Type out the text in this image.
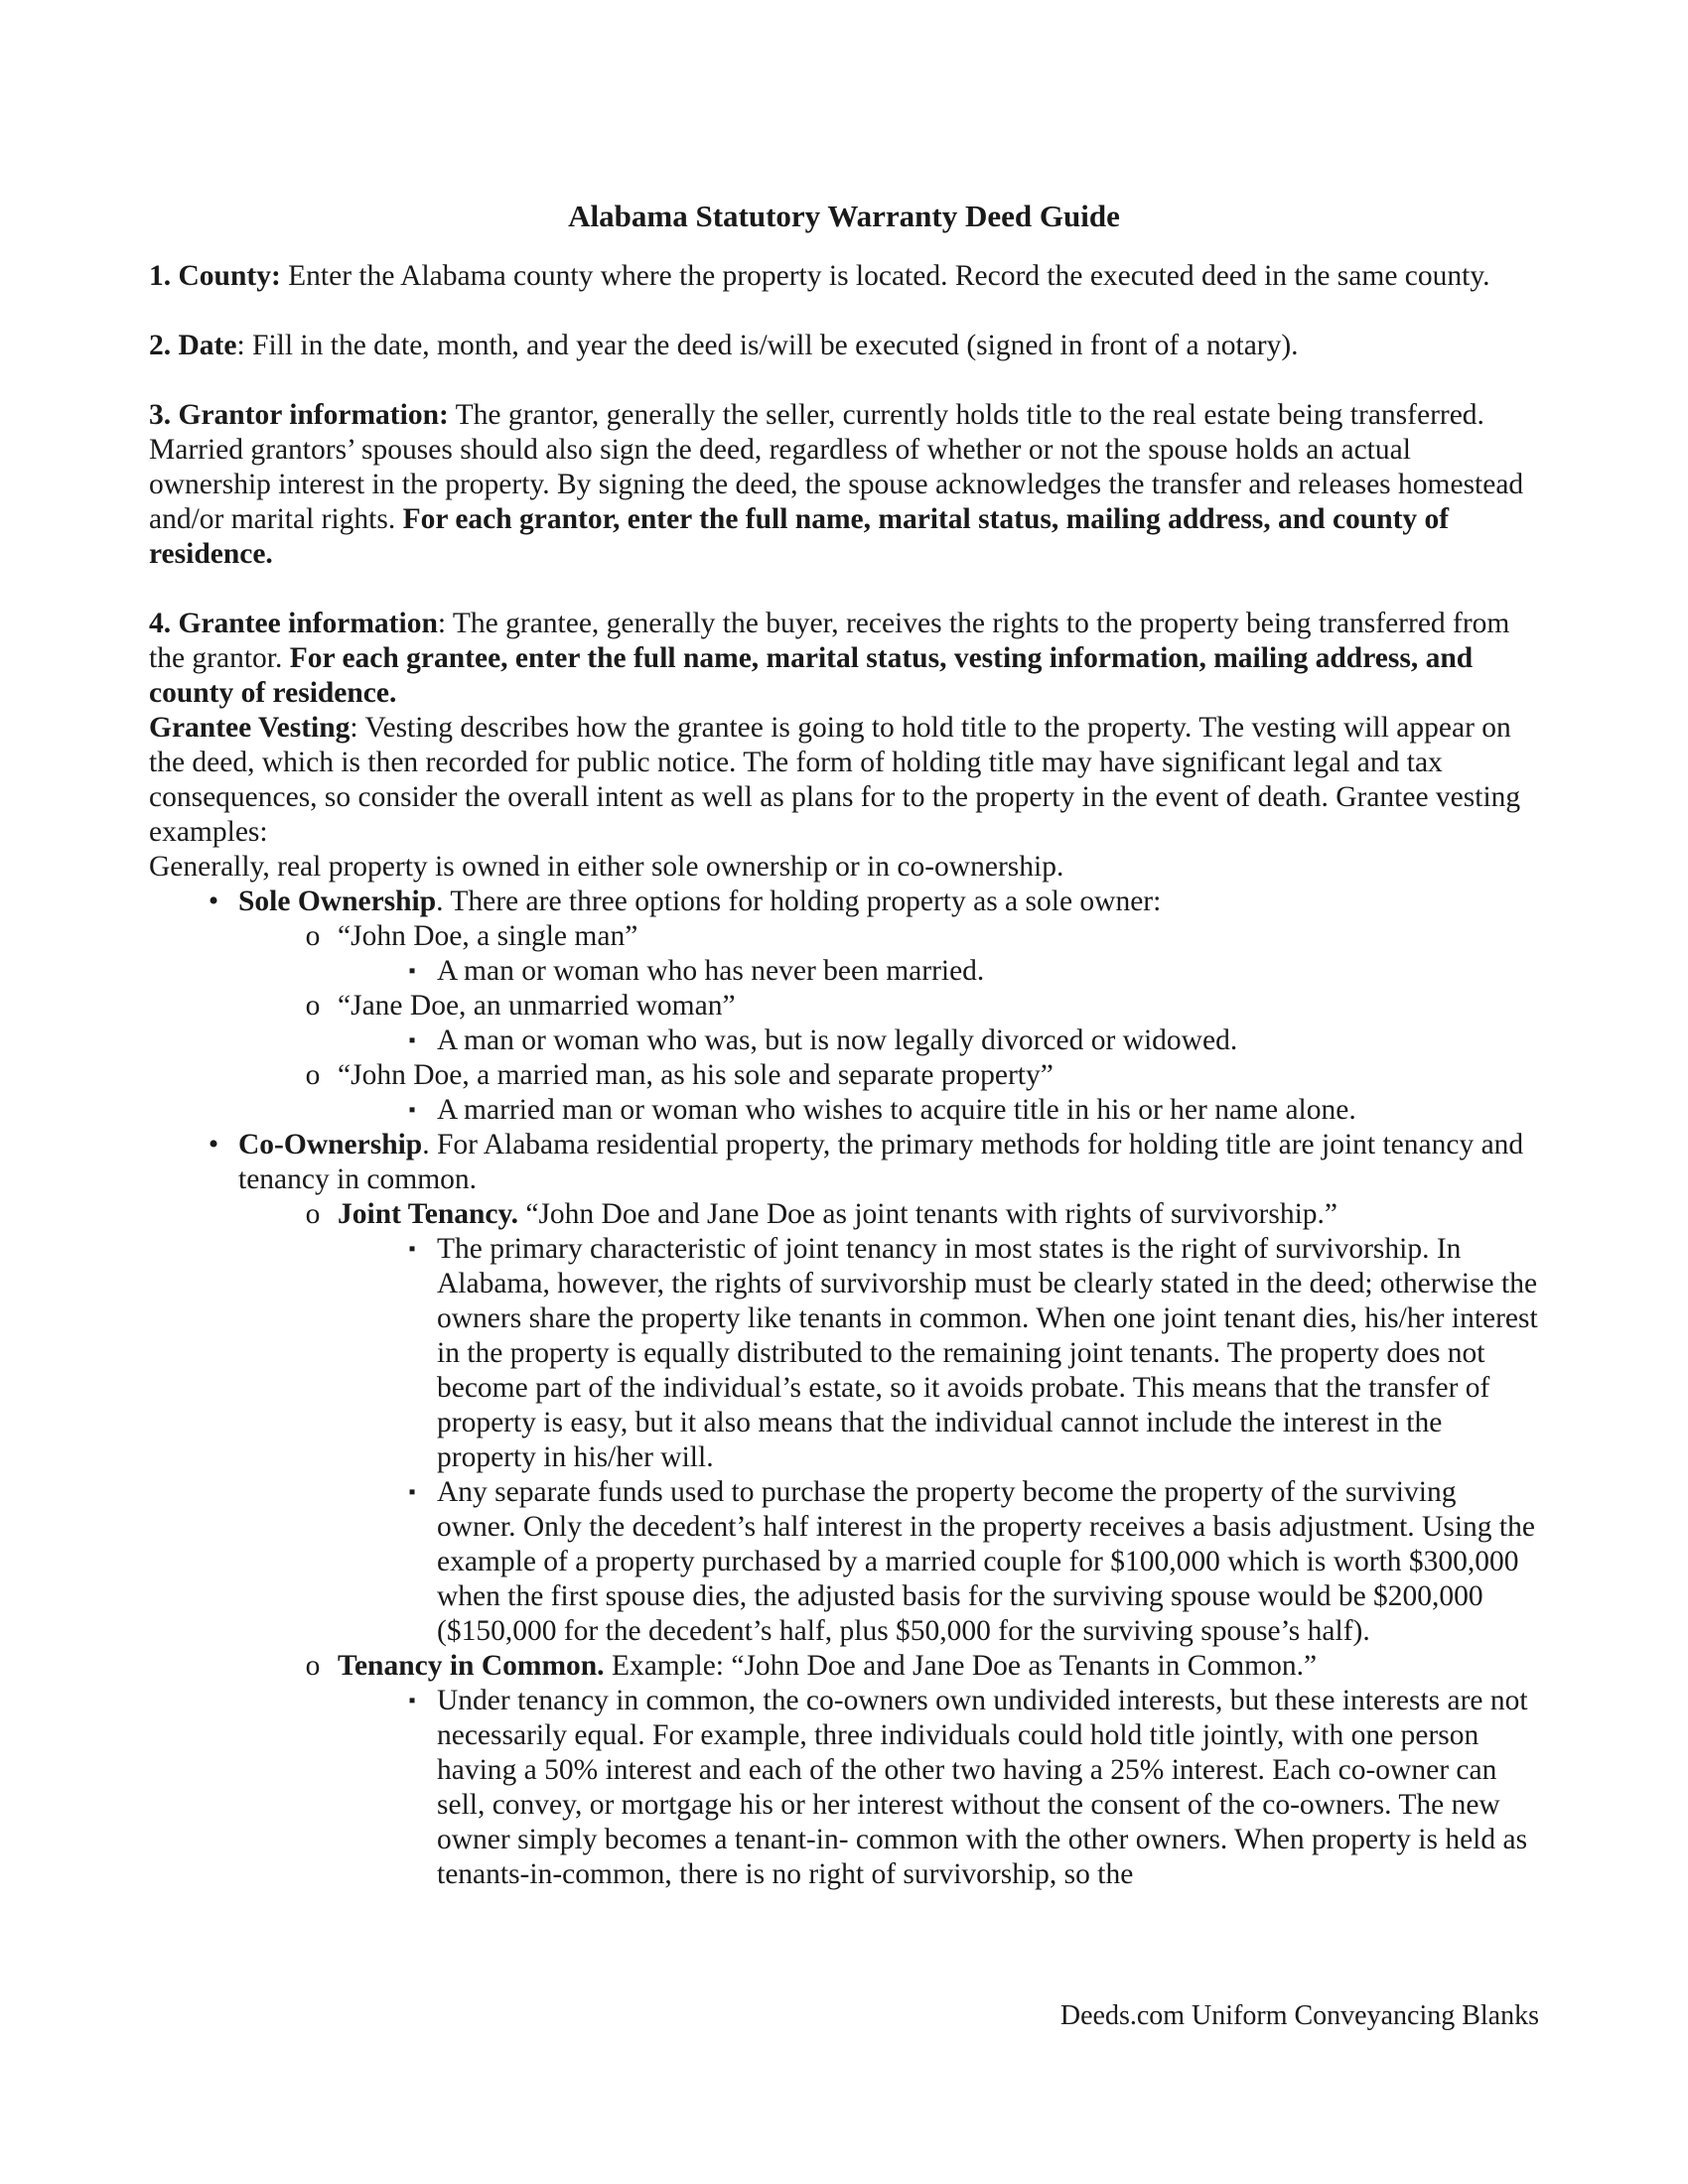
Alabama Statutory Warranty Deed Guide

1. County: Enter the Alabama county where the property is located. Record the executed deed in the same county.

2. Date: Fill in the date, month, and year the deed is/will be executed (signed in front of a notary).

3. Grantor information: The grantor, generally the seller, currently holds title to the real estate being transferred. Married grantors’ spouses should also sign the deed, regardless of whether or not the spouse holds an actual ownership interest in the property. By signing the deed, the spouse acknowledges the transfer and releases homestead and/or marital rights. For each grantor, enter the full name, marital status, mailing address, and county of residence.

4. Grantee information: The grantee, generally the buyer, receives the rights to the property being transferred from the grantor. For each grantee, enter the full name, marital status, vesting information, mailing address, and county of residence.

Grantee Vesting: Vesting describes how the grantee is going to hold title to the property. The vesting will appear on the deed, which is then recorded for public notice. The form of holding title may have significant legal and tax consequences, so consider the overall intent as well as plans for to the property in the event of death. Grantee vesting examples:

Generally, real property is owned in either sole ownership or in co-ownership.

• Sole Ownership. There are three options for holding property as a sole owner:
o “John Doe, a single man”
▪ A man or woman who has never been married.
o “Jane Doe, an unmarried woman”
▪ A man or woman who was, but is now legally divorced or widowed.
o “John Doe, a married man, as his sole and separate property”
▪ A married man or woman who wishes to acquire title in his or her name alone.
• Co-Ownership. For Alabama residential property, the primary methods for holding title are joint tenancy and tenancy in common.
o Joint Tenancy. “John Doe and Jane Doe as joint tenants with rights of survivorship.”
▪ The primary characteristic of joint tenancy in most states is the right of survivorship. In Alabama, however, the rights of survivorship must be clearly stated in the deed; otherwise the owners share the property like tenants in common. When one joint tenant dies, his/her interest in the property is equally distributed to the remaining joint tenants. The property does not become part of the individual’s estate, so it avoids probate. This means that the transfer of property is easy, but it also means that the individual cannot include the interest in the property in his/her will.
▪ Any separate funds used to purchase the property become the property of the surviving owner. Only the decedent’s half interest in the property receives a basis adjustment. Using the example of a property purchased by a married couple for $100,000 which is worth $300,000 when the first spouse dies, the adjusted basis for the surviving spouse would be $200,000 ($150,000 for the decedent’s half, plus $50,000 for the surviving spouse’s half).
o Tenancy in Common. Example: “John Doe and Jane Doe as Tenants in Common.”
▪ Under tenancy in common, the co-owners own undivided interests, but these interests are not necessarily equal. For example, three individuals could hold title jointly, with one person having a 50% interest and each of the other two having a 25% interest. Each co-owner can sell, convey, or mortgage his or her interest without the consent of the co-owners. The new owner simply becomes a tenant-in- common with the other owners. When property is held as tenants-in-common, there is no right of survivorship, so the
Deeds.com Uniform Conveyancing Blanks
